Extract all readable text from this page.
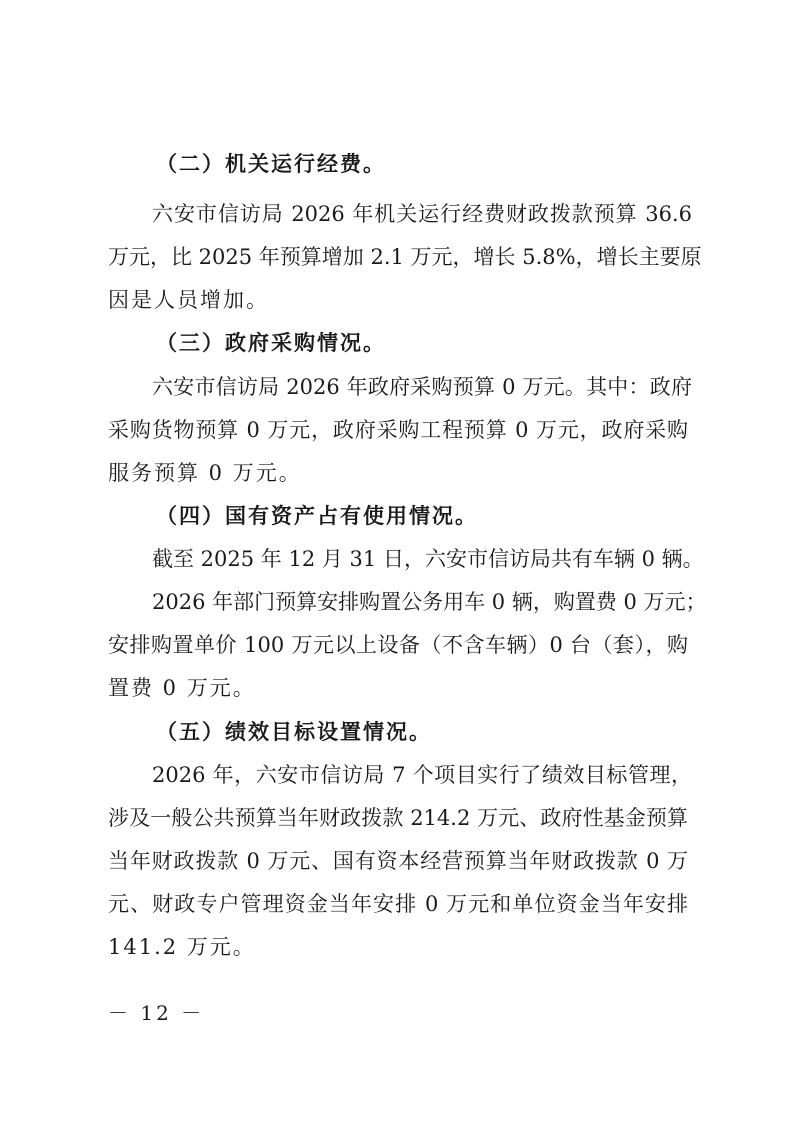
（二）机关运行经费。
六安市信访局 2026 年机关运行经费财政拨款预算 36.6
万元，比 2025 年预算增加 2.1 万元，增长 5.8%，增长主要原
因是人员增加。
（三）政府采购情况。
六安市信访局 2026 年政府采购预算 0 万元。其中：政府
采购货物预算 0 万元，政府采购工程预算 0 万元，政府采购
服务预算 0 万元。
（四）国有资产占有使用情况。
截至 2025 年 12 月 31 日，六安市信访局共有车辆 0 辆。
2026 年部门预算安排购置公务用车 0 辆，购置费 0 万元；
安排购置单价 100 万元以上设备（不含车辆）0 台（套），购
置费 0 万元。
（五）绩效目标设置情况。
2026 年，六安市信访局 7 个项目实行了绩效目标管理，
涉及一般公共预算当年财政拨款 214.2 万元、政府性基金预算
当年财政拨款 0 万元、国有资本经营预算当年财政拨款 0 万
元、财政专户管理资金当年安排 0 万元和单位资金当年安排
141.2 万元。
－ 12 －
